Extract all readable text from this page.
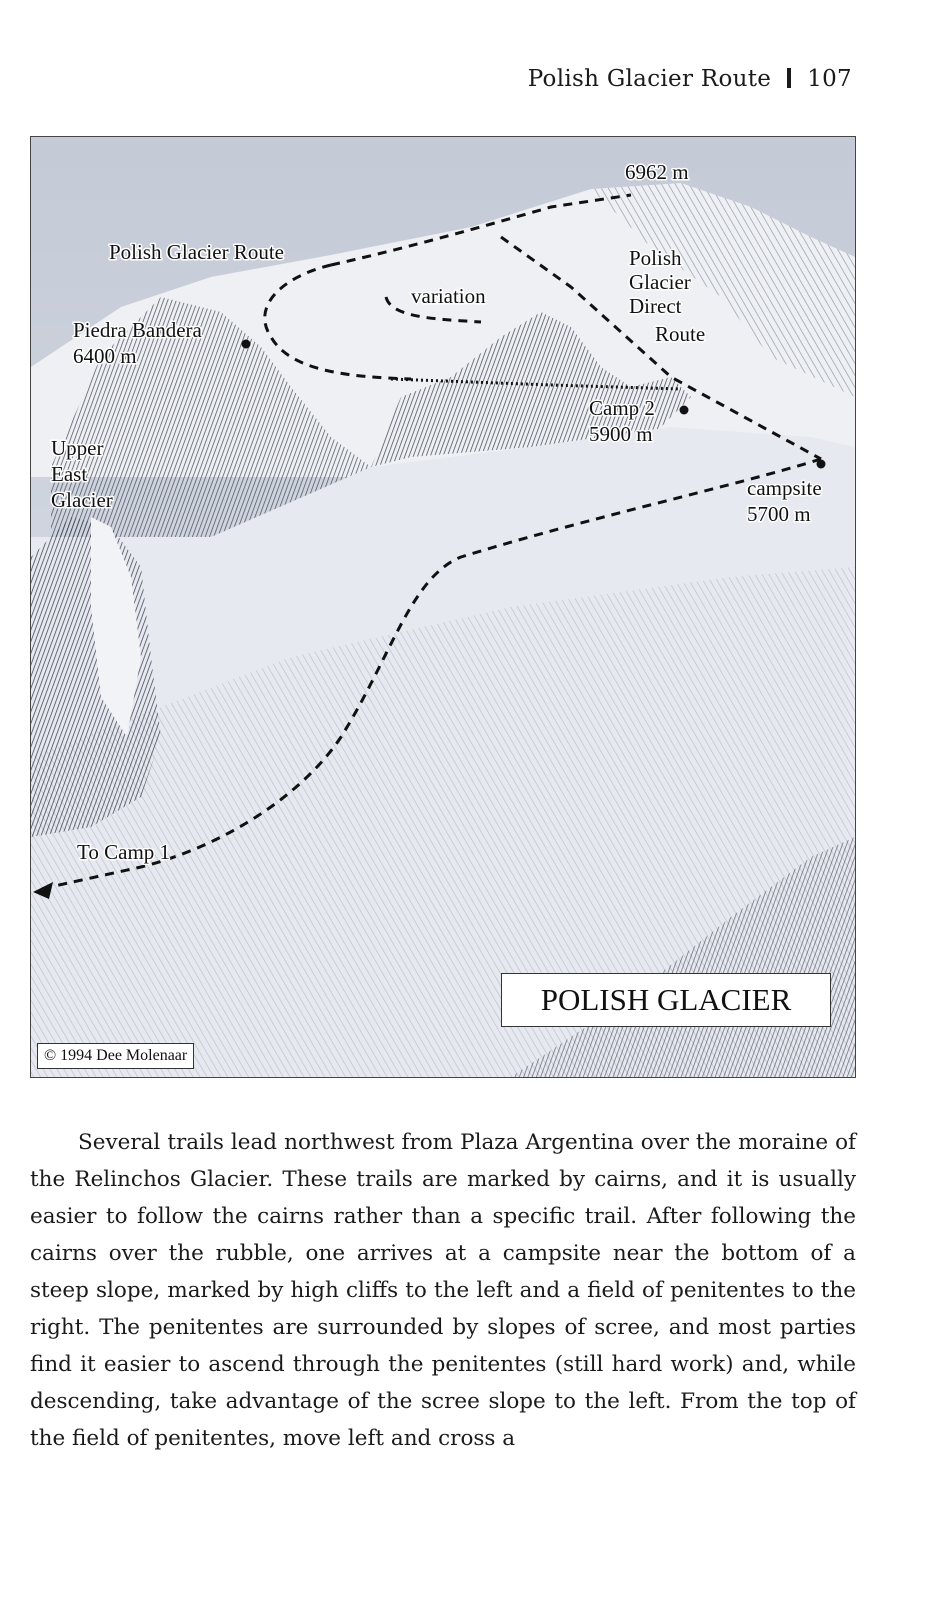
Polish Glacier Route 107
6962 m
Polish Glacier Route
variation
Polish
Glacier
Direct
Route
Piedra Bandera
6400 m
Camp 2
5900 m
Upper
East
Glacier	campsite
5700 m
To Camp 1
POLISH GLACIER
© 1994 Dee Molenaar

Several trails lead northwest from Plaza Argentina over the moraine of the Relinchos Glacier. These trails are marked by cairns, and it is usually easier to follow the cairns rather than a specific trail. After following the cairns over the rubble, one arrives at a campsite near the bottom of a steep slope, marked by high cliffs to the left and a field of penitentes to the right. The penitentes are surrounded by slopes of scree, and most parties find it easier to ascend through the penitentes (still hard work) and, while descending, take advantage of the scree slope to the left. From the top of the field of penitentes, move left and cross a
